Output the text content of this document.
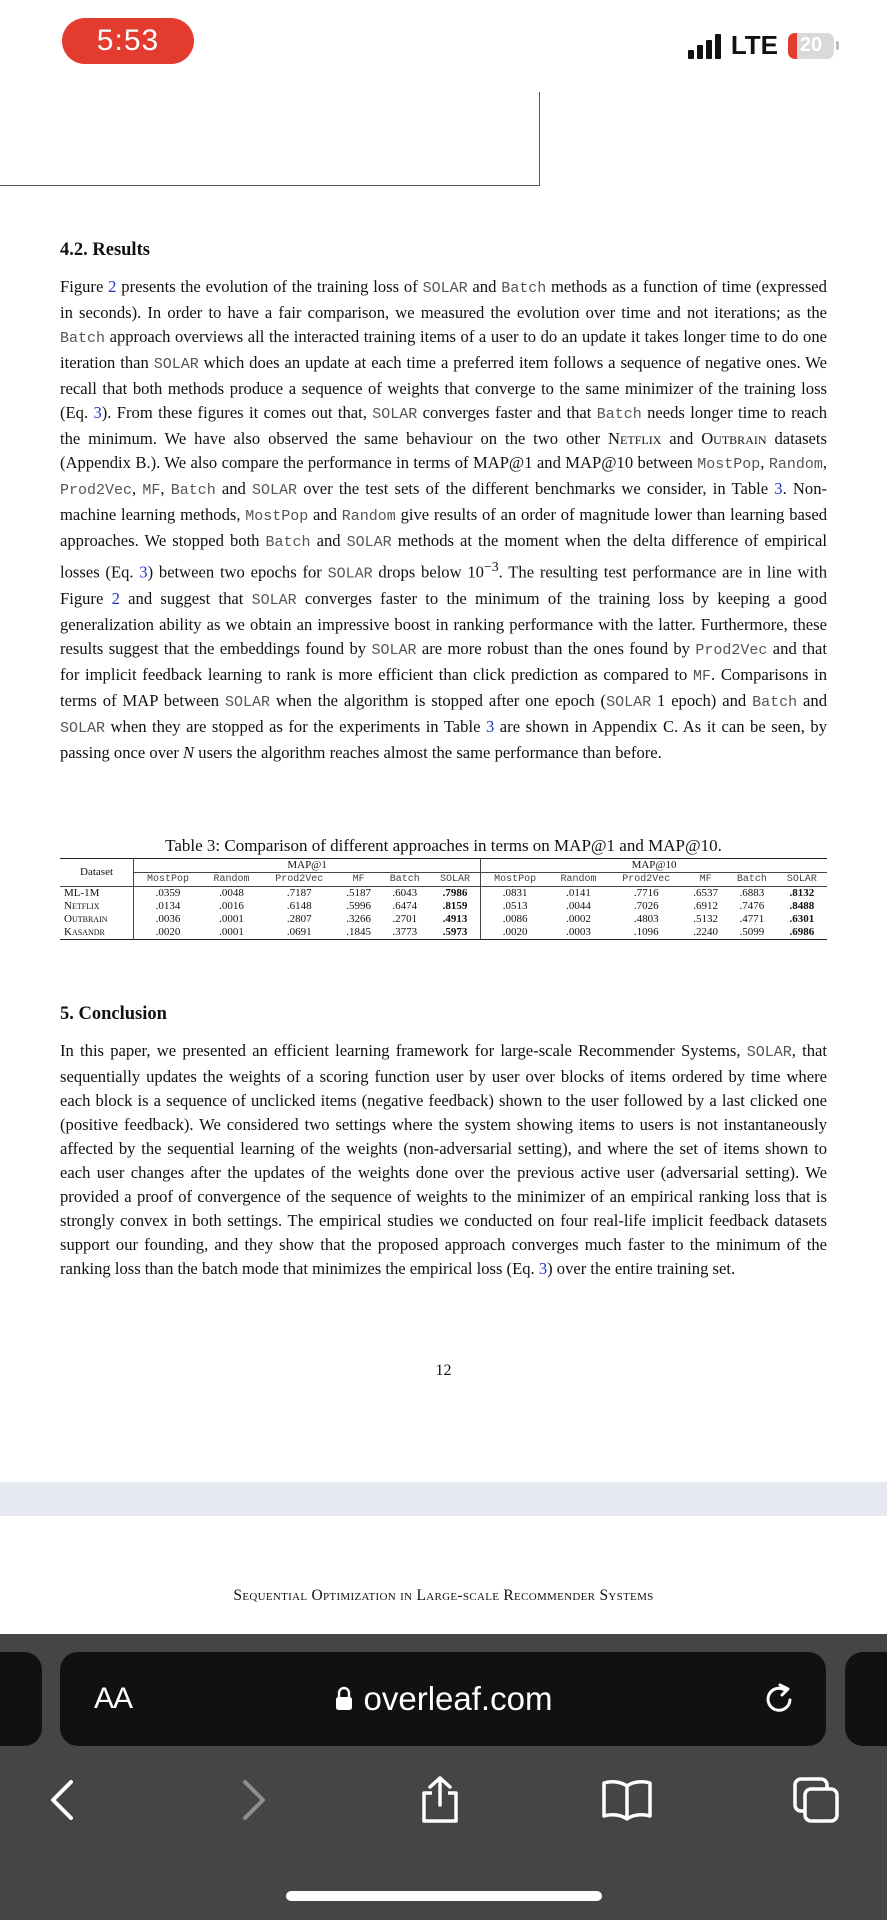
5:53	LTE	20
4.2. Results

Figure 2 presents the evolution of the training loss of SOLAR and Batch methods as a function of time (expressed in seconds). In order to have a fair comparison, we measured the evolution over time and not iterations; as the Batch approach overviews all the interacted training items of a user to do an update it takes longer time to do one iteration than SOLAR which does an update at each time a preferred item follows a sequence of negative ones. We recall that both methods produce a sequence of weights that converge to the same minimizer of the training loss (Eq. 3). From these figures it comes out that, SOLAR converges faster and that Batch needs longer time to reach the minimum. We have also observed the same behaviour on the two other Netflix and Outbrain datasets (Appendix B.). We also compare the performance in terms of MAP@1 and MAP@10 between MostPop, Random, Prod2Vec, MF, Batch and SOLAR over the test sets of the different benchmarks we consider, in Table 3. Non-machine learning methods, MostPop and Random give results of an order of magnitude lower than learning based approaches. We stopped both Batch and SOLAR methods at the moment when the delta difference of empirical losses (Eq. 3) between two epochs for SOLAR drops below $10^{-3}$. The resulting test performance are in line with Figure 2 and suggest that SOLAR converges faster to the minimum of the training loss by keeping a good generalization ability as we obtain an impressive boost in ranking performance with the latter. Furthermore, these results suggest that the embeddings found by SOLAR are more robust than the ones found by Prod2Vec and that for implicit feedback learning to rank is more efficient than click prediction as compared to MF. Comparisons in terms of MAP between SOLAR when the algorithm is stopped after one epoch (SOLAR 1 epoch) and Batch and SOLAR when they are stopped as for the experiments in Table 3 are shown in Appendix C. As it can be seen, by passing once over N users the algorithm reaches almost the same performance than before.

Table 3: Comparison of different approaches in terms on MAP@1 and MAP@10.
Dataset	MAP@1						MAP@10					
	MostPop	Random	Prod2Vec	MF	Batch	SOLAR	MostPop	Random	Prod2Vec	MF	Batch	SOLAR
ML-1M	.0359	.0048	.7187	.5187	.6043	.7986	.0831	.0141	.7716	.6537	.6883	.8132
Netflix	.0134	.0016	.6148	.5996	.6474	.8159	.0513	.0044	.7026	.6912	.7476	.8488
Outbrain	.0036	.0001	.2807	.3266	.2701	.4913	.0086	.0002	.4803	.5132	.4771	.6301
Kasandr	.0020	.0001	.0691	.1845	.3773	.5973	.0020	.0003	.1096	.2240	.5099	.6986
5. Conclusion

In this paper, we presented an efficient learning framework for large-scale Recommender Systems, SOLAR, that sequentially updates the weights of a scoring function user by user over blocks of items ordered by time where each block is a sequence of unclicked items (negative feedback) shown to the user followed by a last clicked one (positive feedback). We considered two settings where the system showing items to users is not instantaneously affected by the sequential learning of the weights (non-adversarial setting), and where the set of items shown to each user changes after the updates of the weights done over the previous active user (adversarial setting). We provided a proof of convergence of the sequence of weights to the minimizer of an empirical ranking loss that is strongly convex in both settings. The empirical studies we conducted on four real-life implicit feedback datasets support our founding, and they show that the proposed approach converges much faster to the minimum of the ranking loss than the batch mode that minimizes the empirical loss (Eq. 3) over the entire training set.

12
Sequential Optimization in Large-scale Recommender Systems
AA	overleaf.com
